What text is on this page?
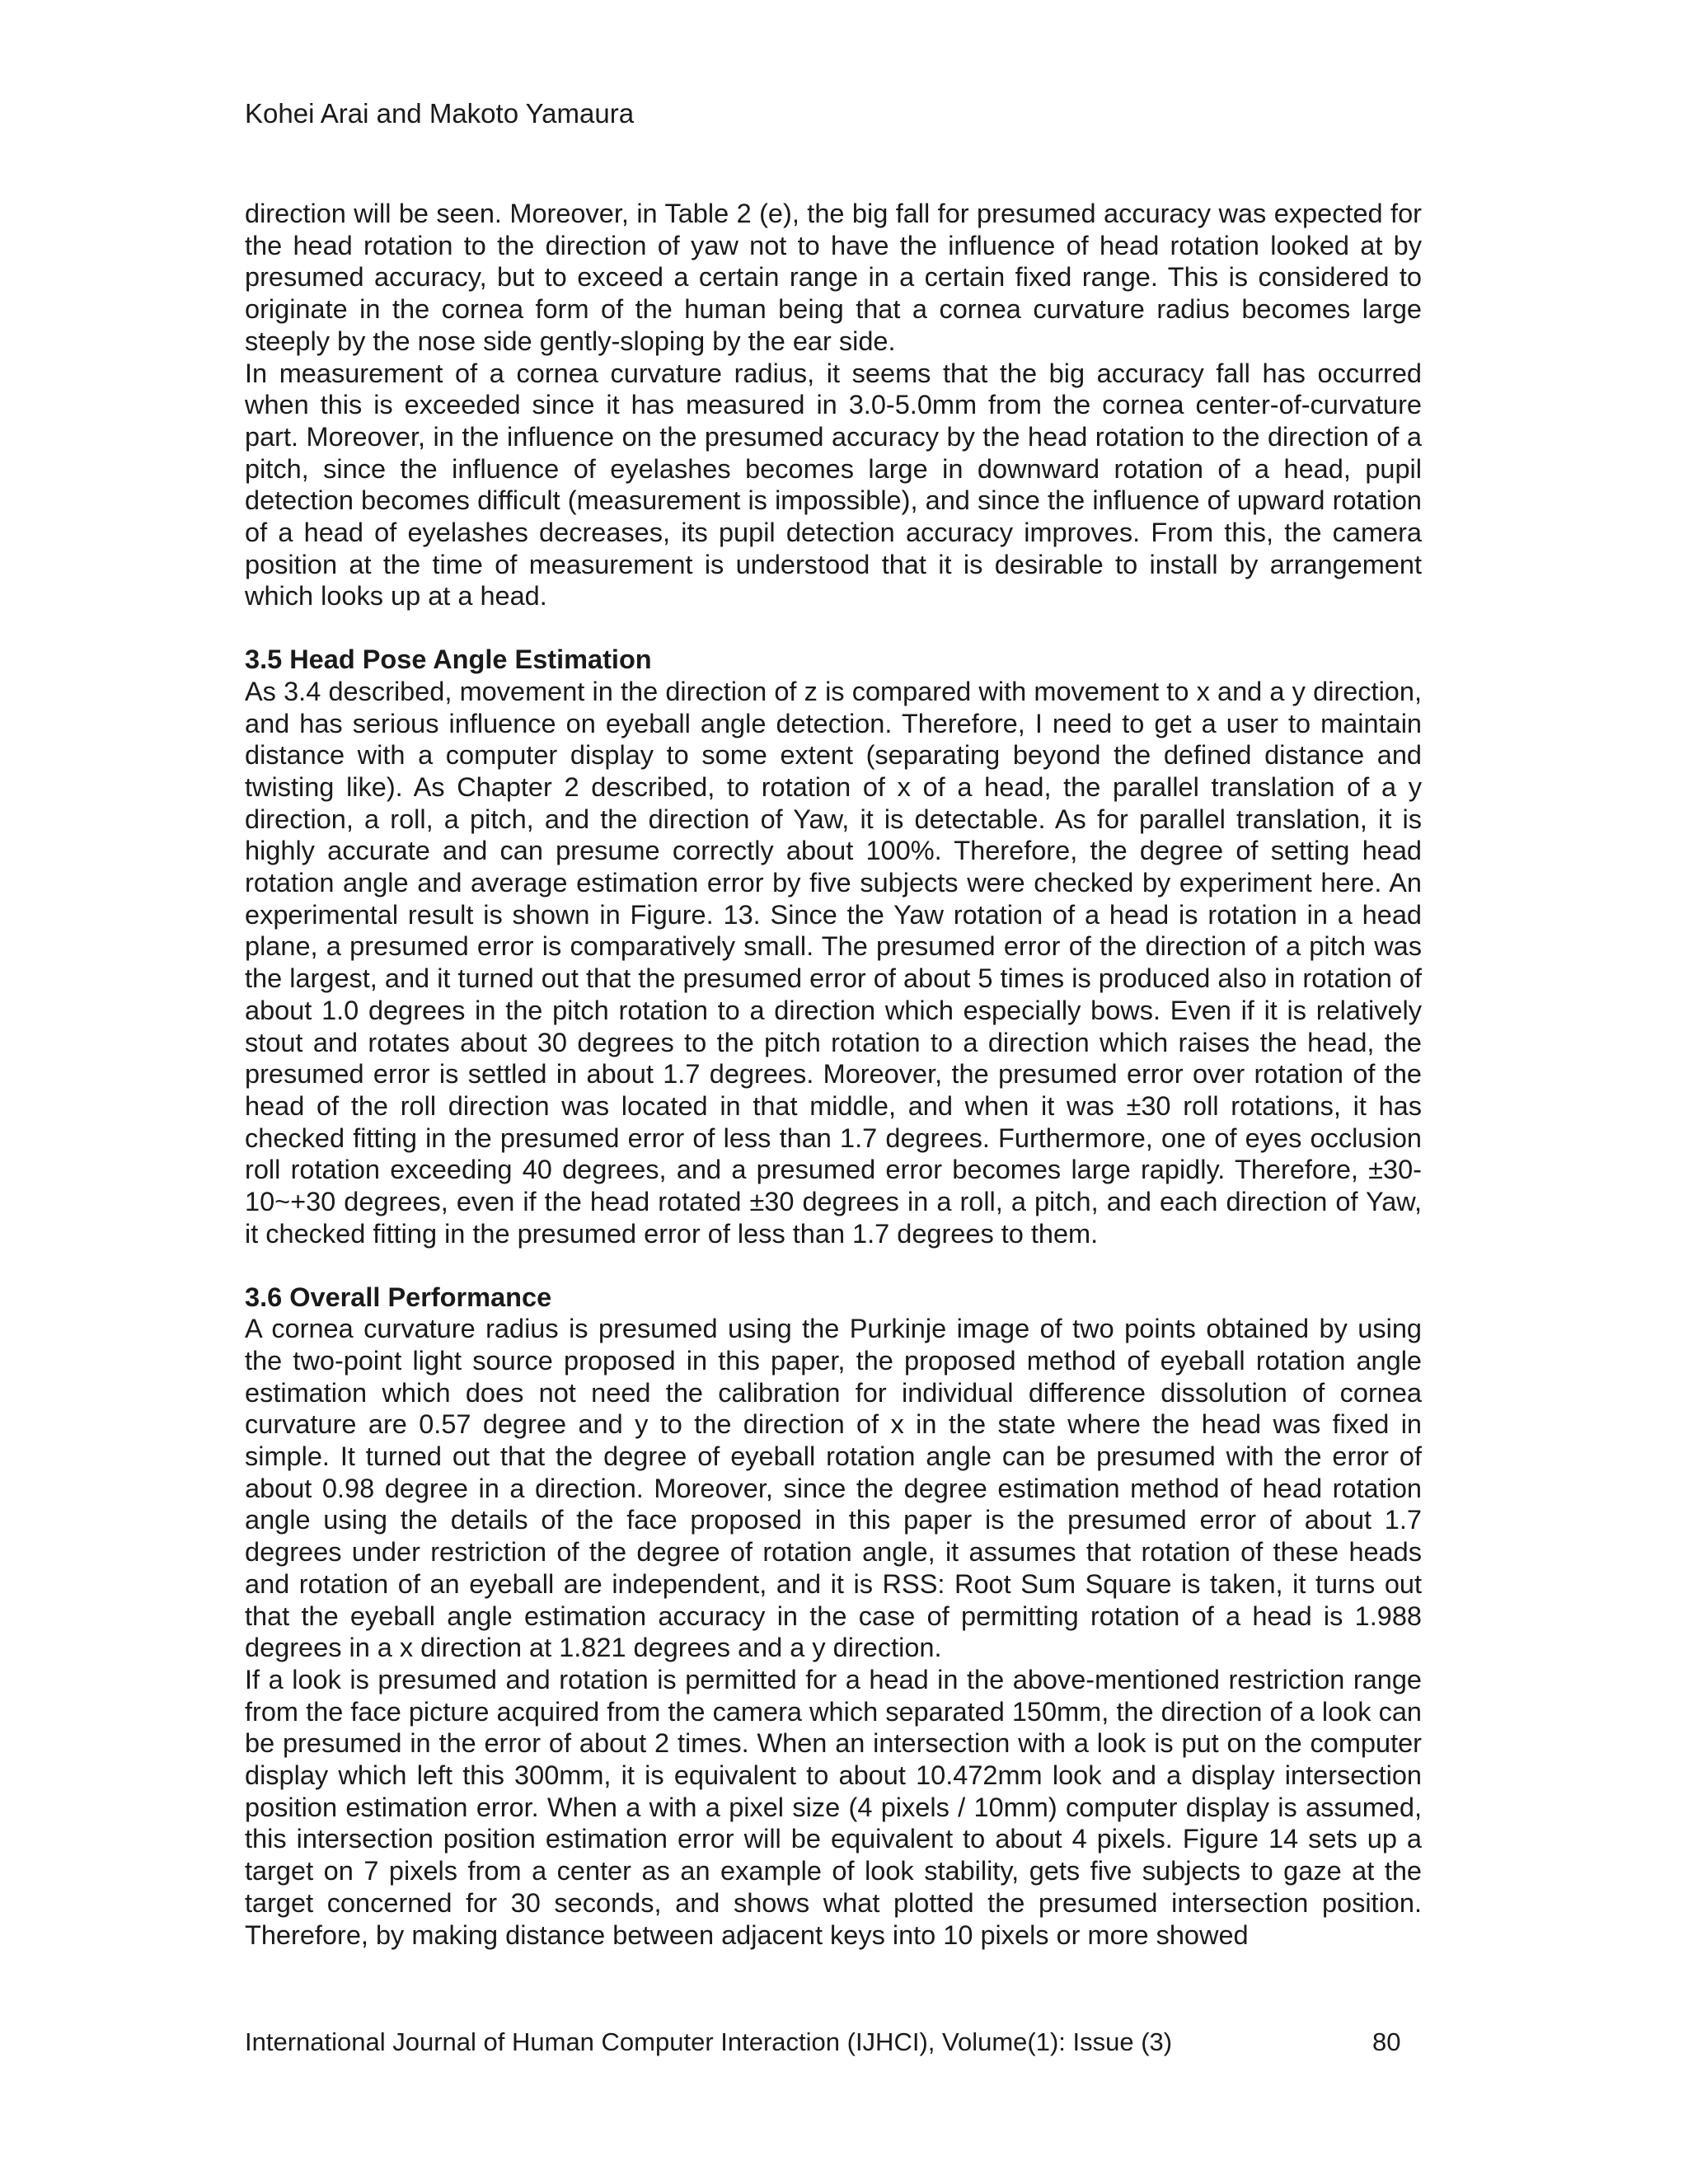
Kohei Arai and Makoto Yamaura

direction will be seen. Moreover, in Table 2 (e), the big fall for presumed accuracy was expected for the head rotation to the direction of yaw not to have the influence of head rotation looked at by presumed accuracy, but to exceed a certain range in a certain fixed range. This is considered to originate in the cornea form of the human being that a cornea curvature radius becomes large steeply by the nose side gently-sloping by the ear side.

In measurement of a cornea curvature radius, it seems that the big accuracy fall has occurred when this is exceeded since it has measured in 3.0-5.0mm from the cornea center-of-curvature part. Moreover, in the influence on the presumed accuracy by the head rotation to the direction of a pitch, since the influence of eyelashes becomes large in downward rotation of a head, pupil detection becomes difficult (measurement is impossible), and since the influence of upward rotation of a head of eyelashes decreases, its pupil detection accuracy improves. From this, the camera position at the time of measurement is understood that it is desirable to install by arrangement which looks up at a head.

3.5 Head Pose Angle Estimation

As 3.4 described, movement in the direction of z is compared with movement to x and a y direction, and has serious influence on eyeball angle detection. Therefore, I need to get a user to maintain distance with a computer display to some extent (separating beyond the defined distance and twisting like). As Chapter 2 described, to rotation of x of a head, the parallel translation of a y direction, a roll, a pitch, and the direction of Yaw, it is detectable. As for parallel translation, it is highly accurate and can presume correctly about 100%. Therefore, the degree of setting head rotation angle and average estimation error by five subjects were checked by experiment here. An experimental result is shown in Figure. 13. Since the Yaw rotation of a head is rotation in a head plane, a presumed error is comparatively small. The presumed error of the direction of a pitch was the largest, and it turned out that the presumed error of about 5 times is produced also in rotation of about 1.0 degrees in the pitch rotation to a direction which especially bows. Even if it is relatively stout and rotates about 30 degrees to the pitch rotation to a direction which raises the head, the presumed error is settled in about 1.7 degrees. Moreover, the presumed error over rotation of the head of the roll direction was located in that middle, and when it was ±30 roll rotations, it has checked fitting in the presumed error of less than 1.7 degrees. Furthermore, one of eyes occlusion roll rotation exceeding 40 degrees, and a presumed error becomes large rapidly. Therefore, ±30-10~+30 degrees, even if the head rotated ±30 degrees in a roll, a pitch, and each direction of Yaw, it checked fitting in the presumed error of less than 1.7 degrees to them.

3.6 Overall Performance

A cornea curvature radius is presumed using the Purkinje image of two points obtained by using the two-point light source proposed in this paper, the proposed method of eyeball rotation angle estimation which does not need the calibration for individual difference dissolution of cornea curvature are 0.57 degree and y to the direction of x in the state where the head was fixed in simple. It turned out that the degree of eyeball rotation angle can be presumed with the error of about 0.98 degree in a direction. Moreover, since the degree estimation method of head rotation angle using the details of the face proposed in this paper is the presumed error of about 1.7 degrees under restriction of the degree of rotation angle, it assumes that rotation of these heads and rotation of an eyeball are independent, and it is RSS: Root Sum Square is taken, it turns out that the eyeball angle estimation accuracy in the case of permitting rotation of a head is 1.988 degrees in a x direction at 1.821 degrees and a y direction.

If a look is presumed and rotation is permitted for a head in the above-mentioned restriction range from the face picture acquired from the camera which separated 150mm, the direction of a look can be presumed in the error of about 2 times. When an intersection with a look is put on the computer display which left this 300mm, it is equivalent to about 10.472mm look and a display intersection position estimation error. When a with a pixel size (4 pixels / 10mm) computer display is assumed, this intersection position estimation error will be equivalent to about 4 pixels. Figure 14 sets up a target on 7 pixels from a center as an example of look stability, gets five subjects to gaze at the target concerned for 30 seconds, and shows what plotted the presumed intersection position. Therefore, by making distance between adjacent keys into 10 pixels or more showed

International Journal of Human Computer Interaction (IJHCI), Volume(1): Issue (3)	80
